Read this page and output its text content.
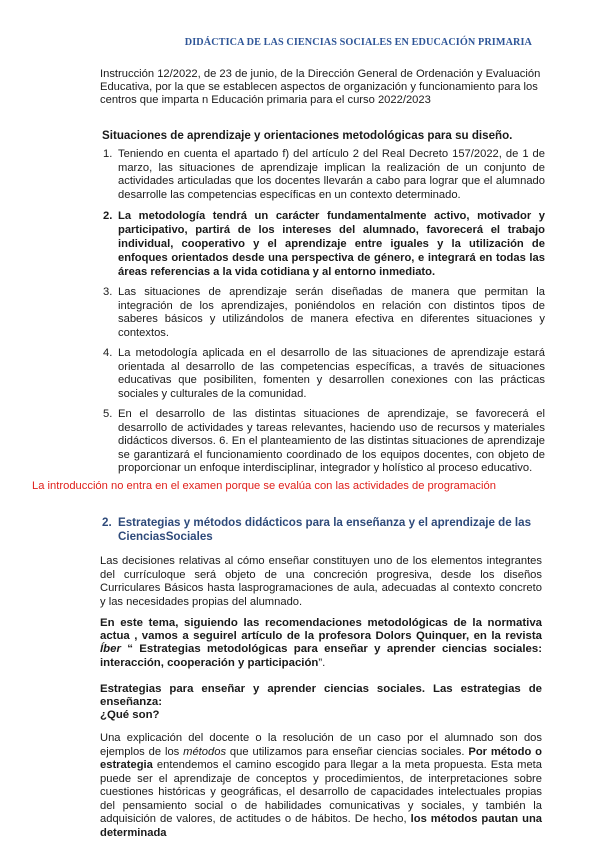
DIDÁCTICA DE LAS CIENCIAS SOCIALES EN EDUCACIÓN PRIMARIA
Instrucción 12/2022, de 23 de junio, de la Dirección General de Ordenación y Evaluación Educativa, por la que se establecen aspectos de organización y funcionamiento para los centros que imparta n Educación primaria para el curso 2022/2023
Situaciones de aprendizaje y orientaciones metodológicas para su diseño.
1. Teniendo en cuenta el apartado f) del artículo 2 del Real Decreto 157/2022, de 1 de marzo, las situaciones de aprendizaje implican la realización de un conjunto de actividades articuladas que los docentes llevarán a cabo para lograr que el alumnado desarrolle las competencias específicas en un contexto determinado.
2. La metodología tendrá un carácter fundamentalmente activo, motivador y participativo, partirá de los intereses del alumnado, favorecerá el trabajo individual, cooperativo y el aprendizaje entre iguales y la utilización de enfoques orientados desde una perspectiva de género, e integrará en todas las áreas referencias a la vida cotidiana y al entorno inmediato.
3. Las situaciones de aprendizaje serán diseñadas de manera que permitan la integración de los aprendizajes, poniéndolos en relación con distintos tipos de saberes básicos y utilizándolos de manera efectiva en diferentes situaciones y contextos.
4. La metodología aplicada en el desarrollo de las situaciones de aprendizaje estará orientada al desarrollo de las competencias específicas, a través de situaciones educativas que posibiliten, fomenten y desarrollen conexiones con las prácticas sociales y culturales de la comunidad.
5. En el desarrollo de las distintas situaciones de aprendizaje, se favorecerá el desarrollo de actividades y tareas relevantes, haciendo uso de recursos y materiales didácticos diversos. 6. En el planteamiento de las distintas situaciones de aprendizaje se garantizará el funcionamiento coordinado de los equipos docentes, con objeto de proporcionar un enfoque interdisciplinar, integrador y holístico al proceso educativo.
La introducción no entra en el examen porque se evalúa con las actividades de programación
2. Estrategias y métodos didácticos para la enseñanza y el aprendizaje de las
CienciasSociales
Las decisiones relativas al cómo enseñar constituyen uno de los elementos integrantes del currículoque será objeto de una concreción progresiva, desde los diseños Curriculares Básicos hasta lasprogramaciones de aula, adecuadas al contexto concreto y las necesidades propias del alumnado.
En este tema, siguiendo las recomendaciones metodológicas de la normativa actua , vamos a seguirel artículo de la profesora Dolors Quinquer, en la revista Íber “ Estrategias metodológicas para enseñar y aprender ciencias sociales: interacción, cooperación y participación”.
Estrategias para enseñar y aprender ciencias sociales. Las estrategias de enseñanza:
¿Qué son?
Una explicación del docente o la resolución de un caso por el alumnado son dos ejemplos de los métodos que utilizamos para enseñar ciencias sociales. Por método o estrategia entendemos el camino escogido para llegar a la meta propuesta. Esta meta puede ser el aprendizaje de conceptos y procedimientos, de interpretaciones sobre cuestiones históricas y geográficas, el desarrollo de capacidades intelectuales propias del pensamiento social o de habilidades comunicativas y sociales, y también la adquisición de valores, de actitudes o de hábitos. De hecho, los métodos pautan una determinada
